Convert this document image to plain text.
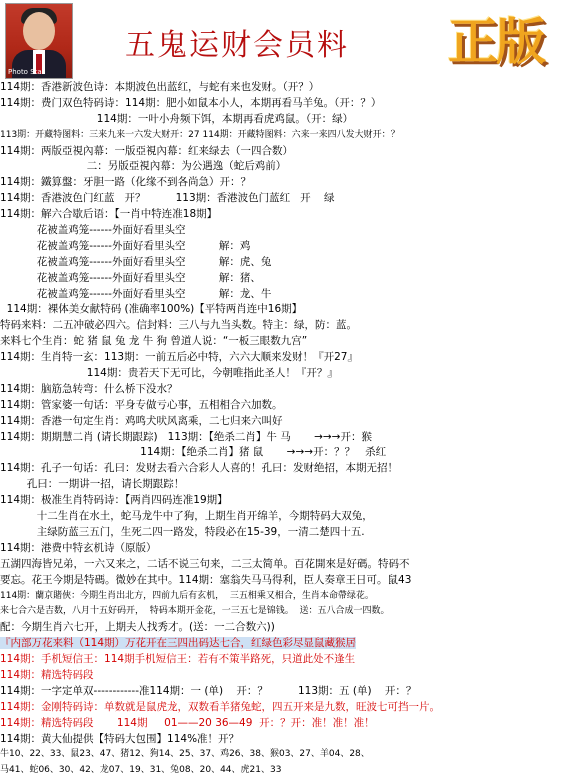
Photo Star
五鬼运财会员料 正版
114期：香港新波色诗：本期波色出蓝红，与蛇有来也发财。（开？）
114期：费门双色特码诗：114期：肥小如鼠本小人，本期再看马羊兔。（开：？）
114期：一叶小舟频下饵，本期再看虎鸡鼠。（开：绿）
113期：开藏特图料：三来九来一六发大财开：27 114期：开藏特图料：六来一来四八发大财开：？
114期：两版亞視內幕：一版亞視內幕：红来绿去（一四合数）
二：另版亞視內幕：为公遇逸（蛇后鸡前）
114期：鐵算盤：牙胆一路（化缘不到各尚急）开：？
114期：香港波色门红蓝   开？         113期：香港波色门蓝红   开    绿
114期：解六合歇后语：【一肖中特连准18期】
花被盖鸡笼------外面好看里头空
花被盖鸡笼------外面好看里头空          解：鸡
花被盖鸡笼------外面好看里头空          解：虎、兔
花被盖鸡笼------外面好看里头空          解：猪、
花被盖鸡笼------外面好看里头空          解：龙、牛
114期：裸体美女献特码 (准确率100%)【平特两肖连中16期】
特码来料：二五冲破必四六。信封料：三八与九当头数。特主：绿，防：蓝。
来料七个生肖：蛇 猪 鼠 兔 龙 牛 狗 曾道人说：“一板三眼数九宫”
114期：生肖特一玄：113期：一前五后必中特，六六大顺来发财！『开27』
114期：贵若天下无可比，今朝唯指此圣人！『开？』
114期：脑筋急转弯：什么桥下没水？
114期：管家婆一句话：平身专做亏心事，五相相合六加数。
114期：香港一句定生肖：鸡鸣犬吠风离乘，二七归来六叫好
114期：期期慧二肖 (请长期跟踪)   113期：【绝杀二肖】牛 马       →→→开：猴
114期：【绝杀二肖】猪 鼠       →→→开：？？   杀红
114期：孔子一句话：孔曰：发财去看六合彩人人喜的！孔曰：发财绝招，本期无招！
孔曰：一期讲一招，请长期跟踪！
114期：极准生肖特码诗：【两肖四码连准19期】
十二生肖在水土，蛇马龙牛中了狗，上期生肖开绵羊，今期特码大双兔，
主绿防蓝三五门，生死二四一路发，特段必在15-39，一清二楚四十五.
114期：港费中特玄机诗（原版）
五湖四海皆兄弟，一六又来之，二话不说三句来，二三太简单。百花開來是好碼。特码不
要忘。花王今期是特碼。微妙在其中。114期：塞翁失马马得利，臣人奏章王日可。鼠43
114期：蘭京賭俠：今期生肖出北方，四前九后有玄机，  三五相乘又相合，生肖本命帶绿花。
来七合六是吉数，八月十五好码开，  特码本期开金花，一三五七是锦钱。  送：五八合成一四数。
配：今期生肖六七开，上期夫人找秀才。(送：一二合数六))
『内部万花来料（114期）万花开在三四出码达七合，红绿色彩尽显鼠藏猴居
114期：手机短信王：114期手机短信王：若有不策半路死，只道此处不逢生
114期：精选特码段
114期：一字定单双------------准114期：一 (单)    开：？         113期：五 (单)    开：？
114期：金刚特码诗：单数就是鼠虎龙，双数看羊猪兔蛇，四五开来是九数，旺波七可挡一片。
114期：精选特码段       114期     01——20 36—49  开：？开：准！准！准！
114期：黄大仙提供【特码大包围】114%准！开？
牛10、22、33、鼠23、47、猪12、狗14、25、37、鸡26、38、猴03、27、羊04、28、
马41、蛇06、30、42、龙07、19、31、兔08、20、44、虎21、33
